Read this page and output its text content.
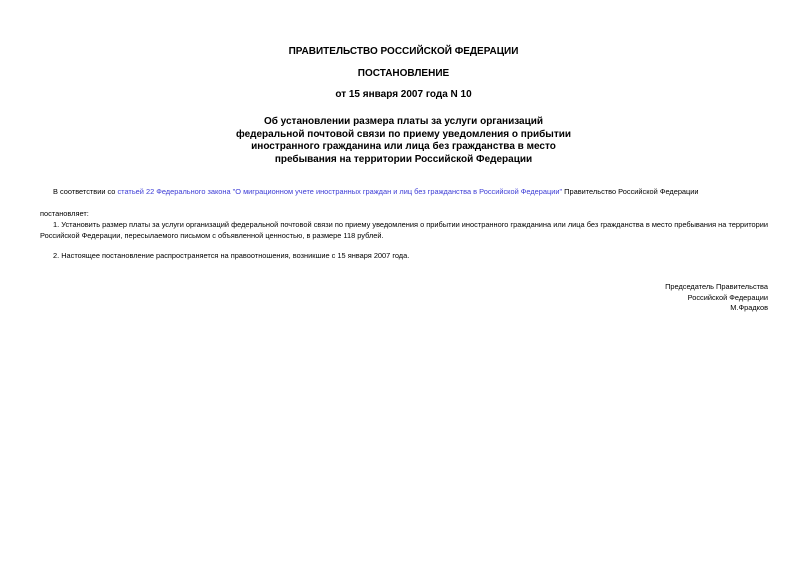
ПРАВИТЕЛЬСТВО РОССИЙСКОЙ ФЕДЕРАЦИИ

ПОСТАНОВЛЕНИЕ

от 15 января 2007 года N 10

Об установлении размера платы за услуги организаций
федеральной почтовой связи по приему уведомления о прибытии
иностранного гражданина или лица без гражданства в место
пребывания на территории Российской Федерации

В соответствии со статьей 22 Федерального закона "О миграционном учете иностранных граждан и лиц без гражданства в Российской Федерации" Правительство Российской Федерации

постановляет:

1. Установить размер платы за услуги организаций федеральной почтовой связи по приему уведомления о прибытии иностранного гражданина или лица без гражданства в место пребывания на территории Российской Федерации, пересылаемого письмом с объявленной ценностью, в размере 118 рублей.

2. Настоящее постановление распространяется на правоотношения, возникшие с 15 января 2007 года.

Председатель Правительства

Российской Федерации

М.Фрадков
